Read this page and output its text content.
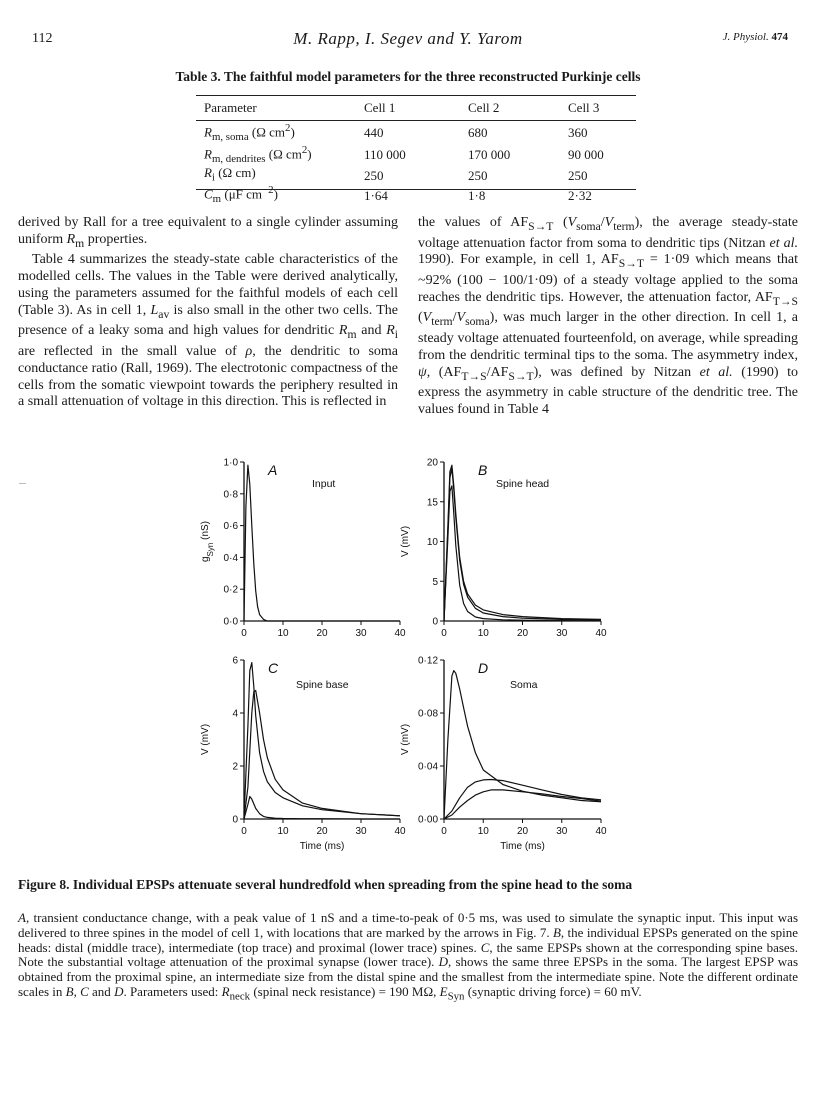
112	M. Rapp, I. Segev and Y. Yarom	J. Physiol. 474
Table 3. The faithful model parameters for the three reconstructed Purkinje cells
Parameter	Cell 1	Cell 2	Cell 3
$R_{m, soma}$ (Ω $cm^2$)	440	680	360
$R_{m, dendrites}$ (Ω $cm^2$)	110 000	170 000	90 000
$R_i$ (Ω cm)	250	250	250
$C_m$ (μF $cm^{-2}$)	1·64	1·8	2·32

derived by Rall for a tree equivalent to a single cylinder assuming uniform $R_m$ properties.

Table 4 summarizes the steady-state cable characteristics of the modelled cells. The values in the Table were derived analytically, using the parameters assumed for the faithful models of each cell (Table 3). As in cell 1, $L_{av}$ is also small in the other two cells. The presence of a leaky soma and high values for dendritic $R_m$ and $R_i$ are reflected in the small value of ρ, the dendritic to soma conductance ratio (Rall, 1969). The electrotonic compactness of the cells from the somatic viewpoint towards the periphery resulted in a small attenuation of voltage in this direction. This is reflected in

the values of $AF_{S\to T}$ $(V_{soma}/V_{term})$, the average steady-state voltage attenuation factor from soma to dendritic tips (Nitzan et al. 1990). For example, in cell 1, $AF_{S\to T} = 1\cdot 09$ which means that ~92% (100 − 100/1·09) of a steady voltage applied to the soma reaches the dendritic tips. However, the attenuation factor, $AF_{T\to S}$ $(V_{term}/V_{soma})$, was much larger in the other direction. In cell 1, a steady voltage attenuated fourteenfold, on average, while spreading from the dendritic terminal tips to the soma. The asymmetry index, ψ, $(AF_{T\to S}/AF_{S\to T})$, was defined by Nitzan et al. (1990) to express the asymmetry in cable structure of the dendritic tree. The values found in Table 4

0	10	20	30	40
0·0
0·2
0·4
0·6
0·8
1·0
$g_{Syn}$ (nS)
A
Input
0	10	20	30	40
0
5
10
15
20
V (mV)
B
Spine head
0	10	20	30	40
0
2
4
6
V (mV)
Time (ms)
C
Spine base
0	10	20	30	40
0·00
0·04
0·08
0·12
V (mV)
Time (ms)
D
Soma
Figure 8. Individual EPSPs attenuate several hundredfold when spreading from the spine head to the soma
A, transient conductance change, with a peak value of 1 nS and a time-to-peak of 0·5 ms, was used to simulate the synaptic input. This input was delivered to three spines in the model of cell 1, with locations that are marked by the arrows in Fig. 7. B, the individual EPSPs generated on the spine heads: distal (middle trace), intermediate (top trace) and proximal (lower trace) spines. C, the same EPSPs shown at the corresponding spine bases. Note the substantial voltage attenuation of the proximal synapse (lower trace). D, shows the same three EPSPs in the soma. The largest EPSP was obtained from the proximal spine, an intermediate size from the distal spine and the smallest from the intermediate spine. Note the different ordinate scales in B, C and D. Parameters used: $R_{neck}$ (spinal neck resistance) = 190 MΩ, $E_{Syn}$ (synaptic driving force) = 60 mV.
